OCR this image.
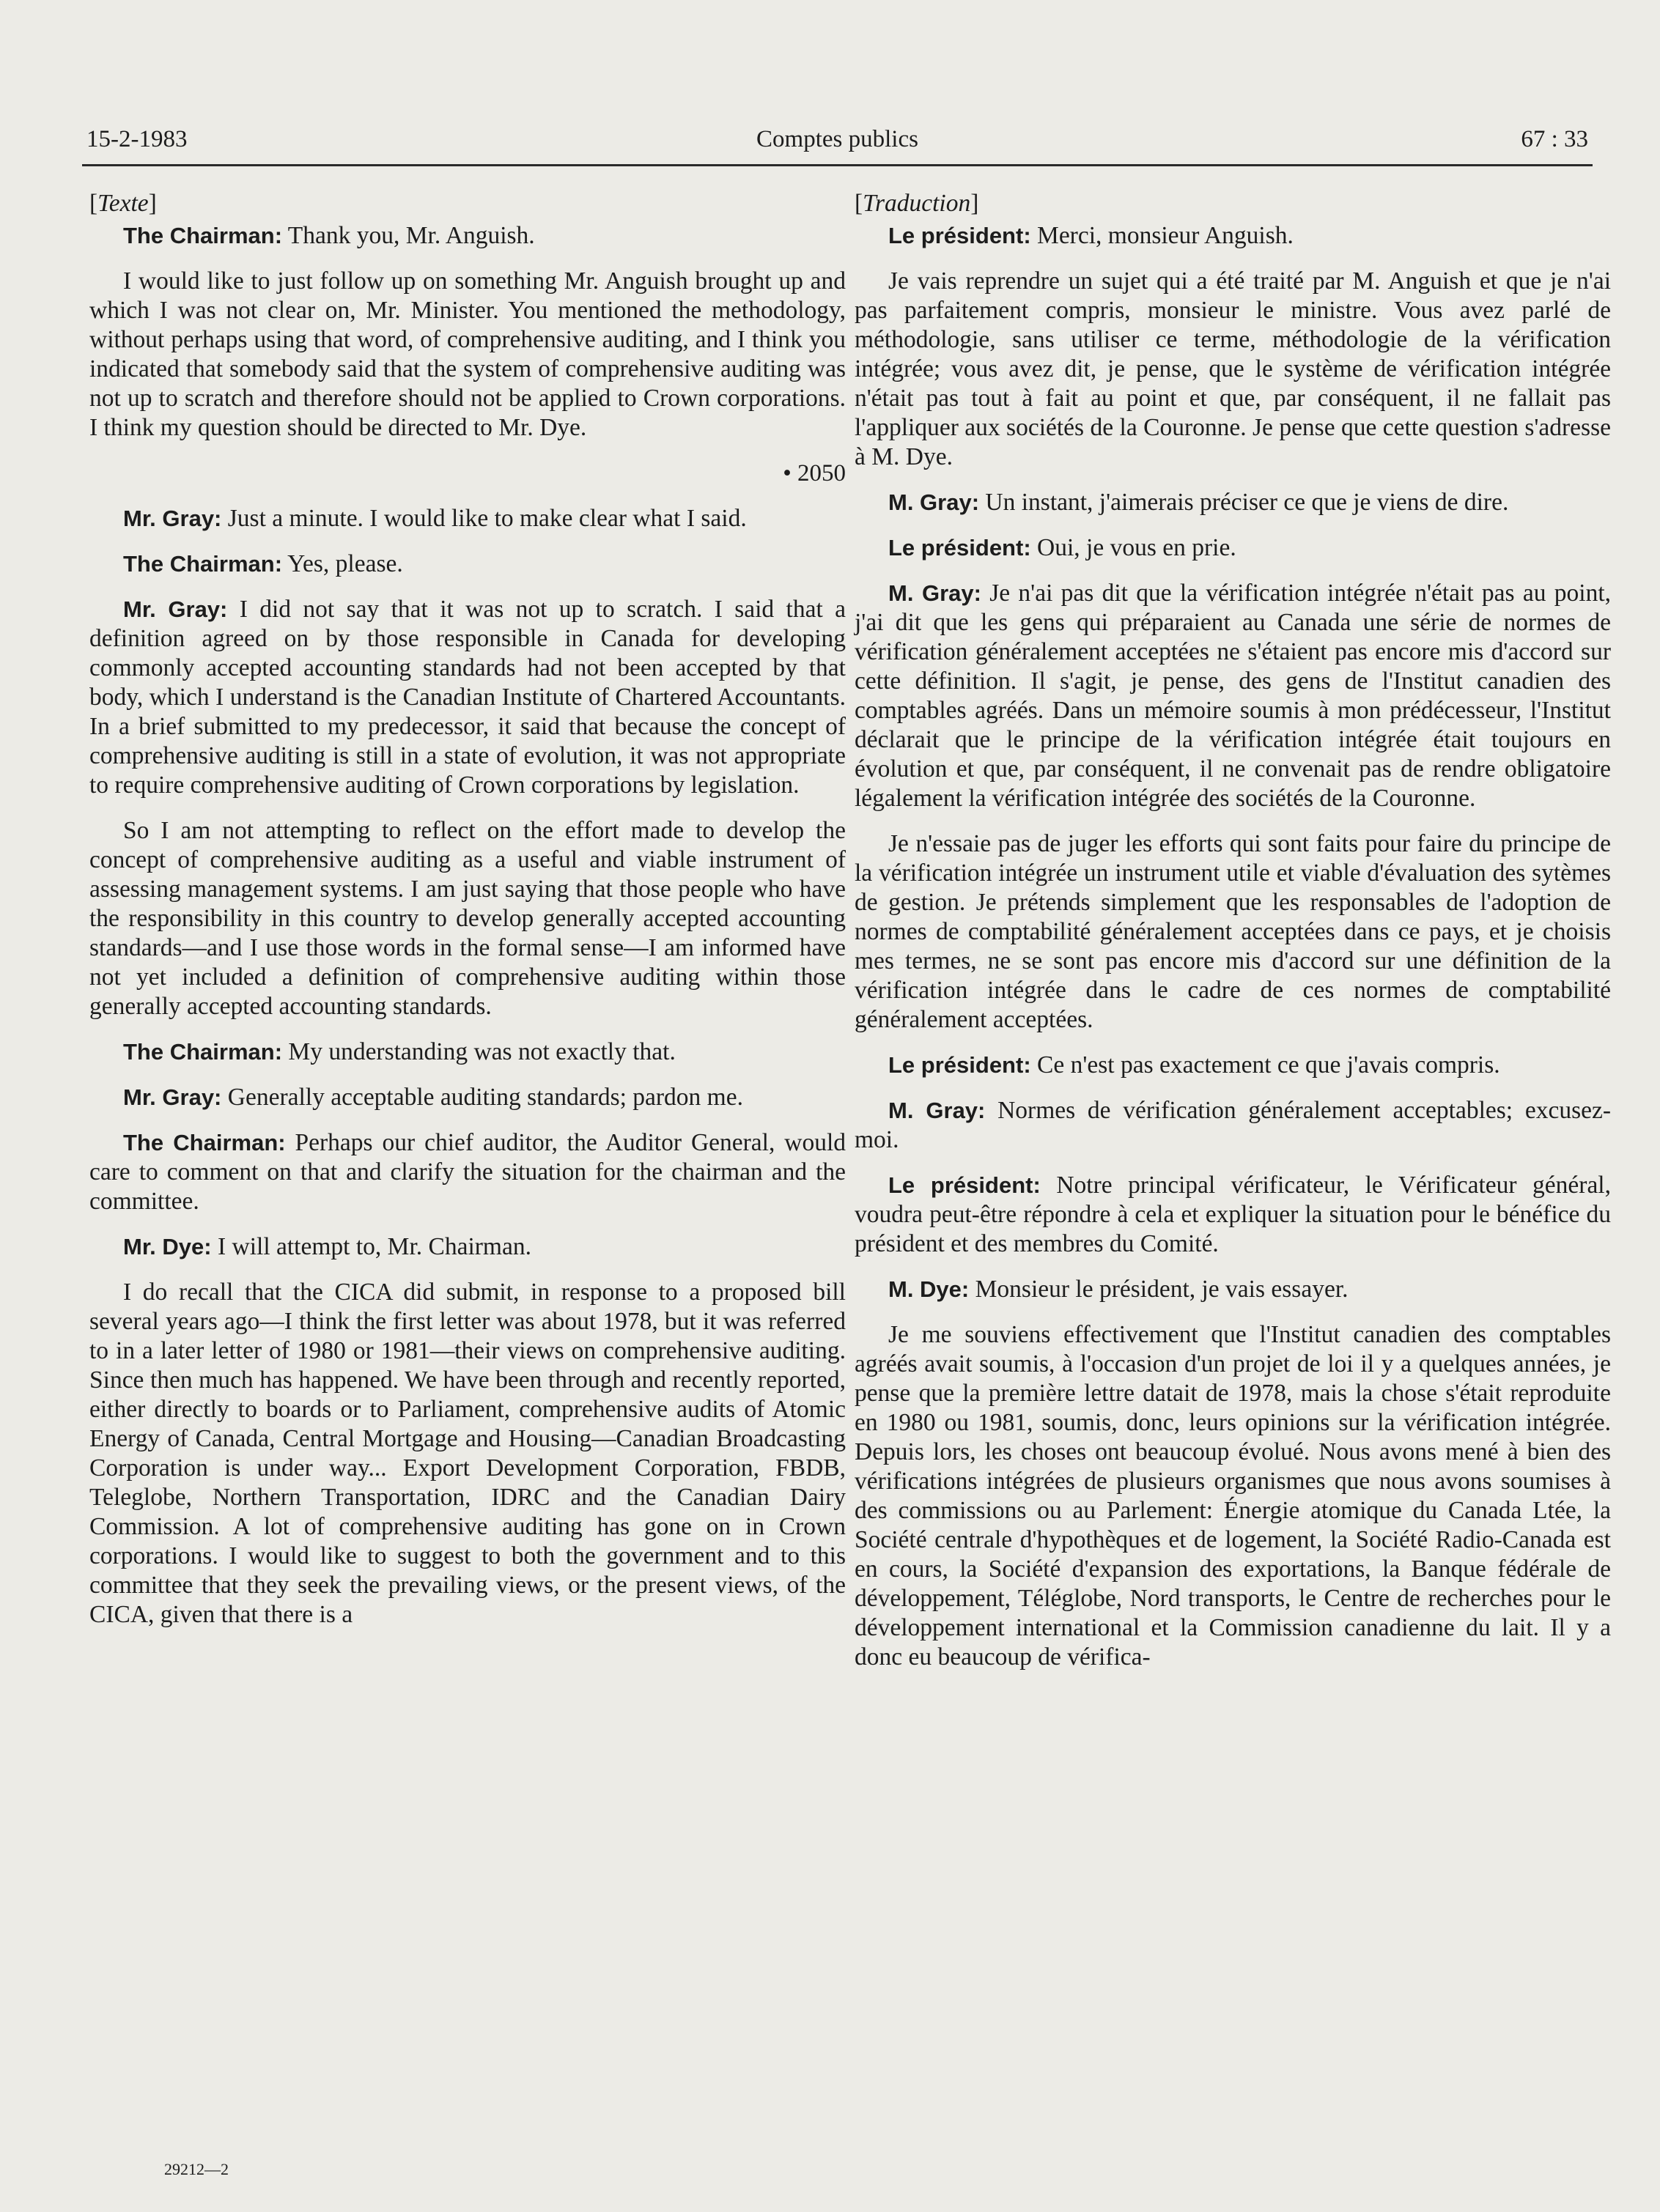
15-2-1983	Comptes publics	67 : 33

[Texte]

The Chairman: Thank you, Mr. Anguish.

I would like to just follow up on something Mr. Anguish brought up and which I was not clear on, Mr. Minister. You mentioned the methodology, without perhaps using that word, of comprehensive auditing, and I think you indicated that somebody said that the system of comprehensive auditing was not up to scratch and therefore should not be applied to Crown corporations. I think my question should be directed to Mr. Dye.

• 2050

Mr. Gray: Just a minute. I would like to make clear what I said.

The Chairman: Yes, please.

Mr. Gray: I did not say that it was not up to scratch. I said that a definition agreed on by those responsible in Canada for developing commonly accepted accounting standards had not been accepted by that body, which I understand is the Canadian Institute of Chartered Accountants. In a brief submitted to my predecessor, it said that because the concept of comprehensive auditing is still in a state of evolution, it was not appropriate to require comprehensive auditing of Crown corporations by legislation.

So I am not attempting to reflect on the effort made to develop the concept of comprehensive auditing as a useful and viable instrument of assessing management systems. I am just saying that those people who have the responsibility in this country to develop generally accepted accounting standards—and I use those words in the formal sense—I am informed have not yet included a definition of comprehensive auditing within those generally accepted accounting standards.

The Chairman: My understanding was not exactly that.

Mr. Gray: Generally acceptable auditing standards; pardon me.

The Chairman: Perhaps our chief auditor, the Auditor General, would care to comment on that and clarify the situation for the chairman and the committee.

Mr. Dye: I will attempt to, Mr. Chairman.

I do recall that the CICA did submit, in response to a proposed bill several years ago—I think the first letter was about 1978, but it was referred to in a later letter of 1980 or 1981—their views on comprehensive auditing. Since then much has happened. We have been through and recently reported, either directly to boards or to Parliament, comprehensive audits of Atomic Energy of Canada, Central Mortgage and Housing—Canadian Broadcasting Corporation is under way... Export Development Corporation, FBDB, Teleglobe, Northern Transportation, IDRC and the Canadian Dairy Commission. A lot of comprehensive auditing has gone on in Crown corporations. I would like to suggest to both the government and to this committee that they seek the prevailing views, or the present views, of the CICA, given that there is a

[Traduction]

Le président: Merci, monsieur Anguish.

Je vais reprendre un sujet qui a été traité par M. Anguish et que je n'ai pas parfaitement compris, monsieur le ministre. Vous avez parlé de méthodologie, sans utiliser ce terme, méthodologie de la vérification intégrée; vous avez dit, je pense, que le système de vérification intégrée n'était pas tout à fait au point et que, par conséquent, il ne fallait pas l'appliquer aux sociétés de la Couronne. Je pense que cette question s'adresse à M. Dye.

M. Gray: Un instant, j'aimerais préciser ce que je viens de dire.

Le président: Oui, je vous en prie.

M. Gray: Je n'ai pas dit que la vérification intégrée n'était pas au point, j'ai dit que les gens qui préparaient au Canada une série de normes de vérification généralement acceptées ne s'étaient pas encore mis d'accord sur cette définition. Il s'agit, je pense, des gens de l'Institut canadien des comptables agréés. Dans un mémoire soumis à mon prédécesseur, l'Institut déclarait que le principe de la vérification intégrée était toujours en évolution et que, par conséquent, il ne convenait pas de rendre obligatoire légalement la vérification intégrée des sociétés de la Couronne.

Je n'essaie pas de juger les efforts qui sont faits pour faire du principe de la vérification intégrée un instrument utile et viable d'évaluation des sytèmes de gestion. Je prétends simplement que les responsables de l'adoption de normes de comptabilité généralement acceptées dans ce pays, et je choisis mes termes, ne se sont pas encore mis d'accord sur une définition de la vérification intégrée dans le cadre de ces normes de comptabilité généralement acceptées.

Le président: Ce n'est pas exactement ce que j'avais compris.

M. Gray: Normes de vérification généralement acceptables; excusez-moi.

Le président: Notre principal vérificateur, le Vérificateur général, voudra peut-être répondre à cela et expliquer la situation pour le bénéfice du président et des membres du Comité.

M. Dye: Monsieur le président, je vais essayer.

Je me souviens effectivement que l'Institut canadien des comptables agréés avait soumis, à l'occasion d'un projet de loi il y a quelques années, je pense que la première lettre datait de 1978, mais la chose s'était reproduite en 1980 ou 1981, soumis, donc, leurs opinions sur la vérification intégrée. Depuis lors, les choses ont beaucoup évolué. Nous avons mené à bien des vérifications intégrées de plusieurs organismes que nous avons soumises à des commissions ou au Parlement: Énergie atomique du Canada Ltée, la Société centrale d'hypothèques et de logement, la Société Radio-Canada est en cours, la Société d'expansion des exportations, la Banque fédérale de développement, Téléglobe, Nord transports, le Centre de recherches pour le développement international et la Commission canadienne du lait. Il y a donc eu beaucoup de vérifica-

29212—2
